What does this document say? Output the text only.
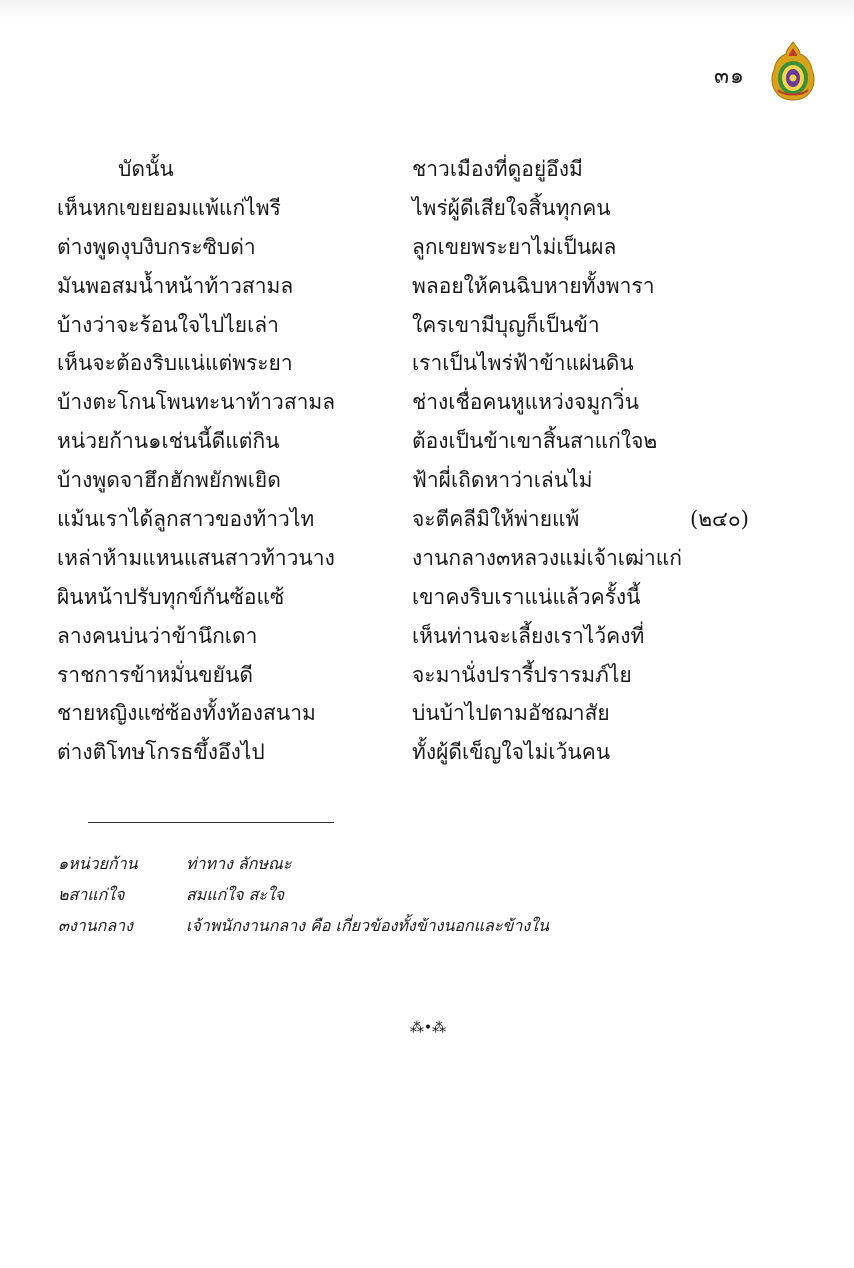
๓๑
บัดนั้น	ชาวเมืองที่ดูอยู่อึงมี
เห็นหกเขยยอมแพ้แก่ไพรี	ไพร่ผู้ดีเสียใจสิ้นทุกคน
ต่างพูดงุบงิบกระซิบด่า	ลูกเขยพระยาไม่เป็นผล
มันพอสมน้ำหน้าท้าวสามล	พลอยให้คนฉิบหายทั้งพารา
บ้างว่าจะร้อนใจไปไยเล่า	ใครเขามีบุญก็เป็นข้า
เห็นจะต้องริบแน่แต่พระยา	เราเป็นไพร่ฟ้าข้าแผ่นดิน
บ้างตะโกนโพนทะนาท้าวสามล	ช่างเชื่อคนหูแหว่งจมูกวิ่น
หน่วยก้าน๑เช่นนี้ดีแต่กิน	ต้องเป็นข้าเขาสิ้นสาแก่ใจ๒
บ้างพูดจาฮึกฮักพยักพเยิด	ฟ้าผี่เถิดหาว่าเล่นไม่
แม้นเราได้ลูกสาวของท้าวไท	จะตีคลีมิให้พ่ายแพ้	(๒๔๐)
เหล่าห้ามแหนแสนสาวท้าวนาง	งานกลาง๓หลวงแม่เจ้าเฒ่าแก่
ผินหน้าปรับทุกข์กันซ้อแซ้	เขาคงริบเราแน่แล้วครั้งนี้
ลางคนบ่นว่าข้านึกเดา	เห็นท่านจะเลี้ยงเราไว้คงที่
ราชการข้าหมั่นขยันดี	จะมานั่งปรารี้ปรารมภ์ไย
ชายหญิงแซ่ซ้องทั้งท้องสนาม	บ่นบ้าไปตามอัชฌาสัย
ต่างติโทษโกรธขึ้งอึงไป	ทั้งผู้ดีเข็ญใจไม่เว้นคน
๑หน่วยก้าน	ท่าทาง ลักษณะ
๒สาแก่ใจ	สมแก่ใจ สะใจ
๓งานกลาง	เจ้าพนักงานกลาง คือ เกี่ยวข้องทั้งข้างนอกและข้างใน
⁂•⁂
